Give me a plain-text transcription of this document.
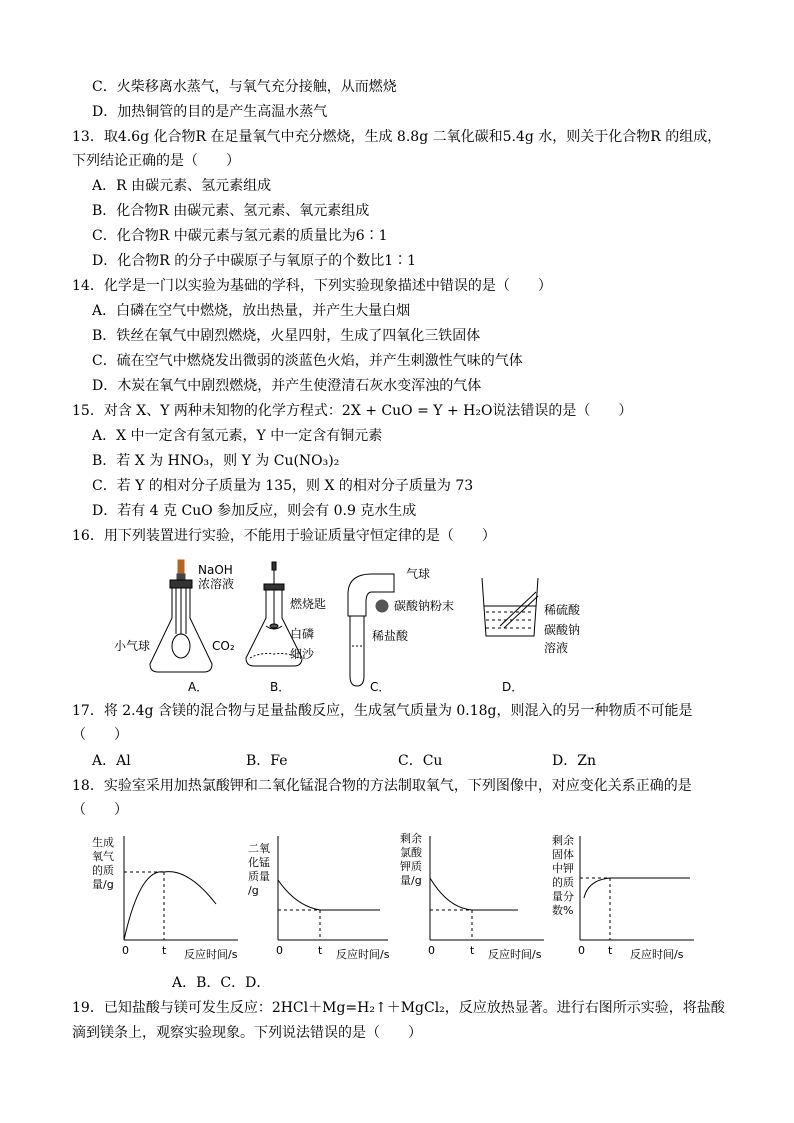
C．火柴移离水蒸气，与氧气充分接触，从而燃烧
D．加热铜管的目的是产生高温水蒸气
13．取4.6g 化合物R 在足量氧气中充分燃烧，生成 8.8g 二氧化碳和5.4g 水，则关于化合物R 的组成，
下列结论正确的是（　　）
A．R 由碳元素、氢元素组成
B．化合物R 由碳元素、氢元素、氧元素组成
C．化合物R 中碳元素与氢元素的质量比为6∶1
D．化合物R 的分子中碳原子与氧原子的个数比1∶1
14．化学是一门以实验为基础的学科，下列实验现象描述中错误的是（　　）
A．白磷在空气中燃烧，放出热量，并产生大量白烟
B．铁丝在氧气中剧烈燃烧，火星四射，生成了四氧化三铁固体
C．硫在空气中燃烧发出微弱的淡蓝色火焰，并产生刺激性气味的气体
D．木炭在氧气中剧烈燃烧，并产生使澄清石灰水变浑浊的气体
15．对含 X、Y 两种未知物的化学方程式：2X + CuO = Y + H₂O说法错误的是（　　）
A．X 中一定含有氢元素，Y 中一定含有铜元素
B．若 X 为 HNO₃，则 Y 为 Cu(NO₃)₂
C．若 Y 的相对分子质量为 135，则 X 的相对分子质量为 73
D．若有 4 克 CuO 参加反应，则会有 0.9 克水生成
16．用下列装置进行实验，不能用于验证质量守恒定律的是（　　）
NaOH
浓溶液
小气球	CO₂
燃烧匙
白磷
细沙
气球
碳酸钠粉末
稀盐酸
稀硫酸
碳酸钠
溶液
A．	B．	C．	D．
17．将 2.4g 含镁的混合物与足量盐酸反应，生成氢气质量为 0.18g，则混入的另一种物质不可能是
（　　）
A．Al	B．Fe	C．Cu	D．Zn
18．实验室采用加热氯酸钾和二氧化锰混合物的方法制取氧气，下列图像中，对应变化关系正确的是
（　　）
生成
氧气
的质
量/g
0	t 反应时间/s
二氧
化锰
质量
/g
0	t 反应时间/s
剩余
氯酸
钾质
量/g
0	t 反应时间/s
剩余
固体
中钾
的质
量分
数%
0 t 反应时间/s
A．B．C．D．
19．已知盐酸与镁可发生反应：2HCl＋Mg=H₂↑＋MgCl₂，反应放热显著。进行右图所示实验，将盐酸
滴到镁条上，观察实验现象。下列说法错误的是（　　）
